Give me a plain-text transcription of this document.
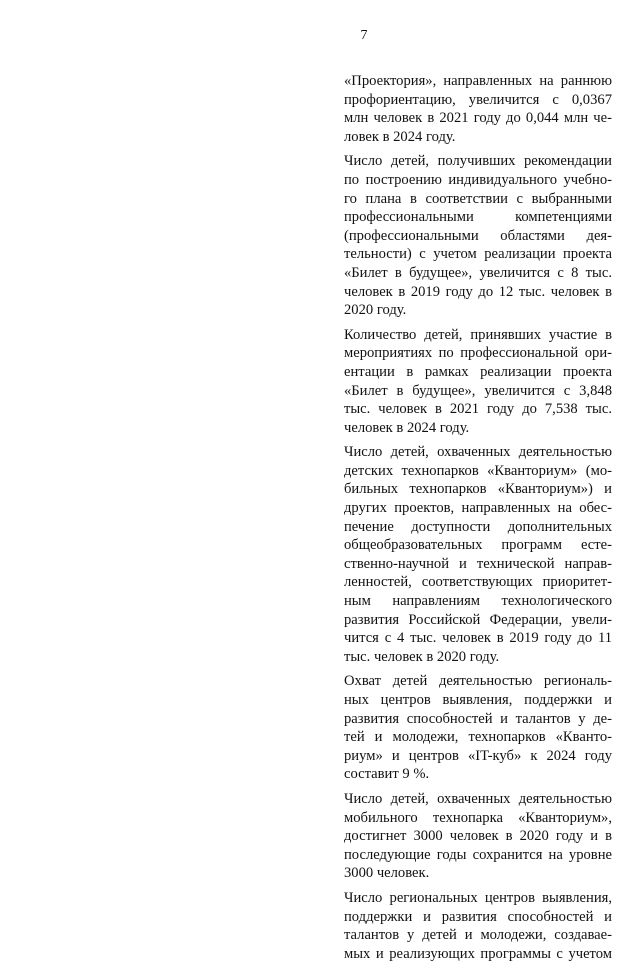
7
«Проектория», направленных на раннюю
профориентацию, увеличится с 0,0367
млн человек в 2021 году до 0,044 млн че-
ловек в 2024 году.
Число детей, получивших рекомендации
по построению индивидуального учебно-
го плана в соответствии с выбранными
профессиональными компетенциями
(профессиональными областями дея-
тельности) с учетом реализации проекта
«Билет в будущее», увеличится с 8 тыс.
человек в 2019 году до 12 тыс. человек в
2020 году.
Количество детей, принявших участие в
мероприятиях по профессиональной ори-
ентации в рамках реализации проекта
«Билет в будущее», увеличится с 3,848
тыс. человек в 2021 году до 7,538 тыс.
человек в 2024 году.
Число детей, охваченных деятельностью
детских технопарков «Кванториум» (мо-
бильных технопарков «Кванториум») и
других проектов, направленных на обес-
печение доступности дополнительных
общеобразовательных программ есте-
ственно-научной и технической направ-
ленностей, соответствующих приоритет-
ным направлениям технологического
развития Российской Федерации, увели-
чится с 4 тыс. человек в 2019 году до 11
тыс. человек в 2020 году.
Охват детей деятельностью региональ-
ных центров выявления, поддержки и
развития способностей и талантов у де-
тей и молодежи, технопарков «Кванто-
риум» и центров «IT-куб» к 2024 году
составит 9 %.
Число детей, охваченных деятельностью
мобильного технопарка «Кванториум»,
достигнет 3000 человек в 2020 году и в
последующие годы сохранится на уровне
3000 человек.
Число региональных центров выявления,
поддержки и развития способностей и
талантов у детей и молодежи, создавае-
мых и реализующих программы с учетом
